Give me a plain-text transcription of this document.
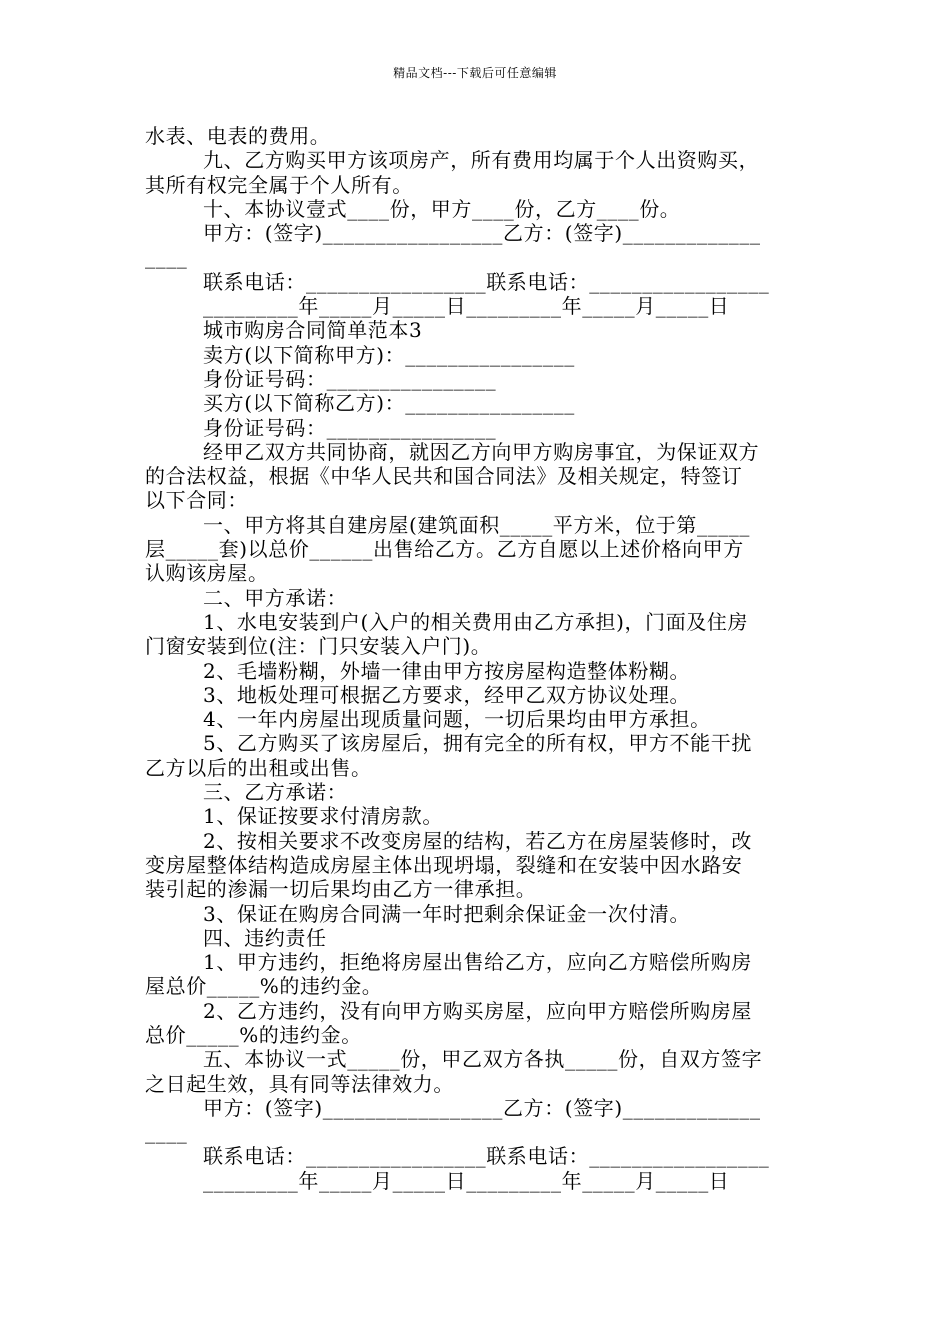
精品文档---下载后可任意编辑
水表、电表的费用。
九、乙方购买甲方该项房产，所有费用均属于个人出资购买，
其所有权完全属于个人所有。
十、本协议壹式____份，甲方____份，乙方____份。
甲方：(签字)_________________乙方：(签字)_____________
____
联系电话：_________________联系电话：_________________
_________年_____月_____日_________年_____月_____日
城市购房合同简单范本3
卖方(以下简称甲方)：________________
身份证号码：________________
买方(以下简称乙方)：________________
身份证号码：________________
经甲乙双方共同协商，就因乙方向甲方购房事宜，为保证双方
的合法权益，根据《中华人民共和国合同法》及相关规定，特签订
以下合同：
一、甲方将其自建房屋(建筑面积_____平方米，位于第_____
层_____套)以总价______出售给乙方。乙方自愿以上述价格向甲方
认购该房屋。
二、甲方承诺：
1、水电安装到户(入户的相关费用由乙方承担)，门面及住房
门窗安装到位(注：门只安装入户门)。
2、毛墙粉糊，外墙一律由甲方按房屋构造整体粉糊。
3、地板处理可根据乙方要求，经甲乙双方协议处理。
4、一年内房屋出现质量问题，一切后果均由甲方承担。
5、乙方购买了该房屋后，拥有完全的所有权，甲方不能干扰
乙方以后的出租或出售。
三、乙方承诺：
1、保证按要求付清房款。
2、按相关要求不改变房屋的结构，若乙方在房屋装修时，改
变房屋整体结构造成房屋主体出现坍塌，裂缝和在安装中因水路安
装引起的渗漏一切后果均由乙方一律承担。
3、保证在购房合同满一年时把剩余保证金一次付清。
四、违约责任
1、甲方违约，拒绝将房屋出售给乙方，应向乙方赔偿所购房
屋总价_____%的违约金。
2、乙方违约，没有向甲方购买房屋，应向甲方赔偿所购房屋
总价_____%的违约金。
五、本协议一式_____份，甲乙双方各执_____份，自双方签字
之日起生效，具有同等法律效力。
甲方：(签字)_________________乙方：(签字)_____________
____
联系电话：_________________联系电话：_________________
_________年_____月_____日_________年_____月_____日
